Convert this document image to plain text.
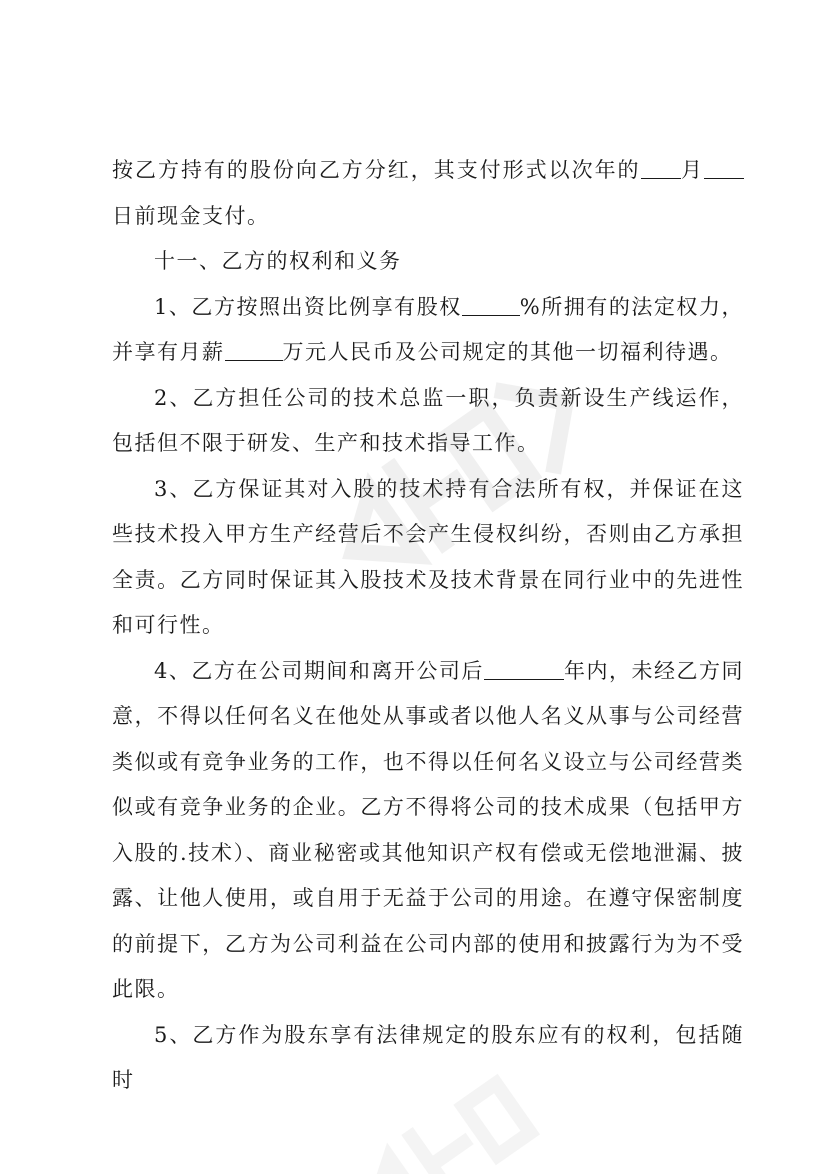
按乙方持有的股份向乙方分红，其支付形式以次年的 月日前现金支付。

十一、乙方的权利和义务

1、乙方按照出资比例享有股权	%所拥有的法定权力，并享有月薪	万元人民币及公司规定的其他一切福利待遇。

2、乙方担任公司的技术总监一职，负责新设生产线运作，包括但不限于研发、生产和技术指导工作。

3、乙方保证其对入股的技术持有合法所有权，并保证在这些技术投入甲方生产经营后不会产生侵权纠纷，否则由乙方承担全责。乙方同时保证其入股技术及技术背景在同行业中的先进性和可行性。

4、乙方在公司期间和离开公司后	年内，未经乙方同意，不得以任何名义在他处从事或者以他人名义从事与公司经营类似或有竞争业务的工作，也不得以任何名义设立与公司经营类似或有竞争业务的企业。乙方不得将公司的技术成果（包括甲方入股的.技术）、商业秘密或其他知识产权有偿或无偿地泄漏、披露、让他人使用，或自用于无益于公司的用途。在遵守保密制度的前提下，乙方为公司利益在公司内部的使用和披露行为为不受此限。

5、乙方作为股东享有法律规定的股东应有的权利，包括随时
